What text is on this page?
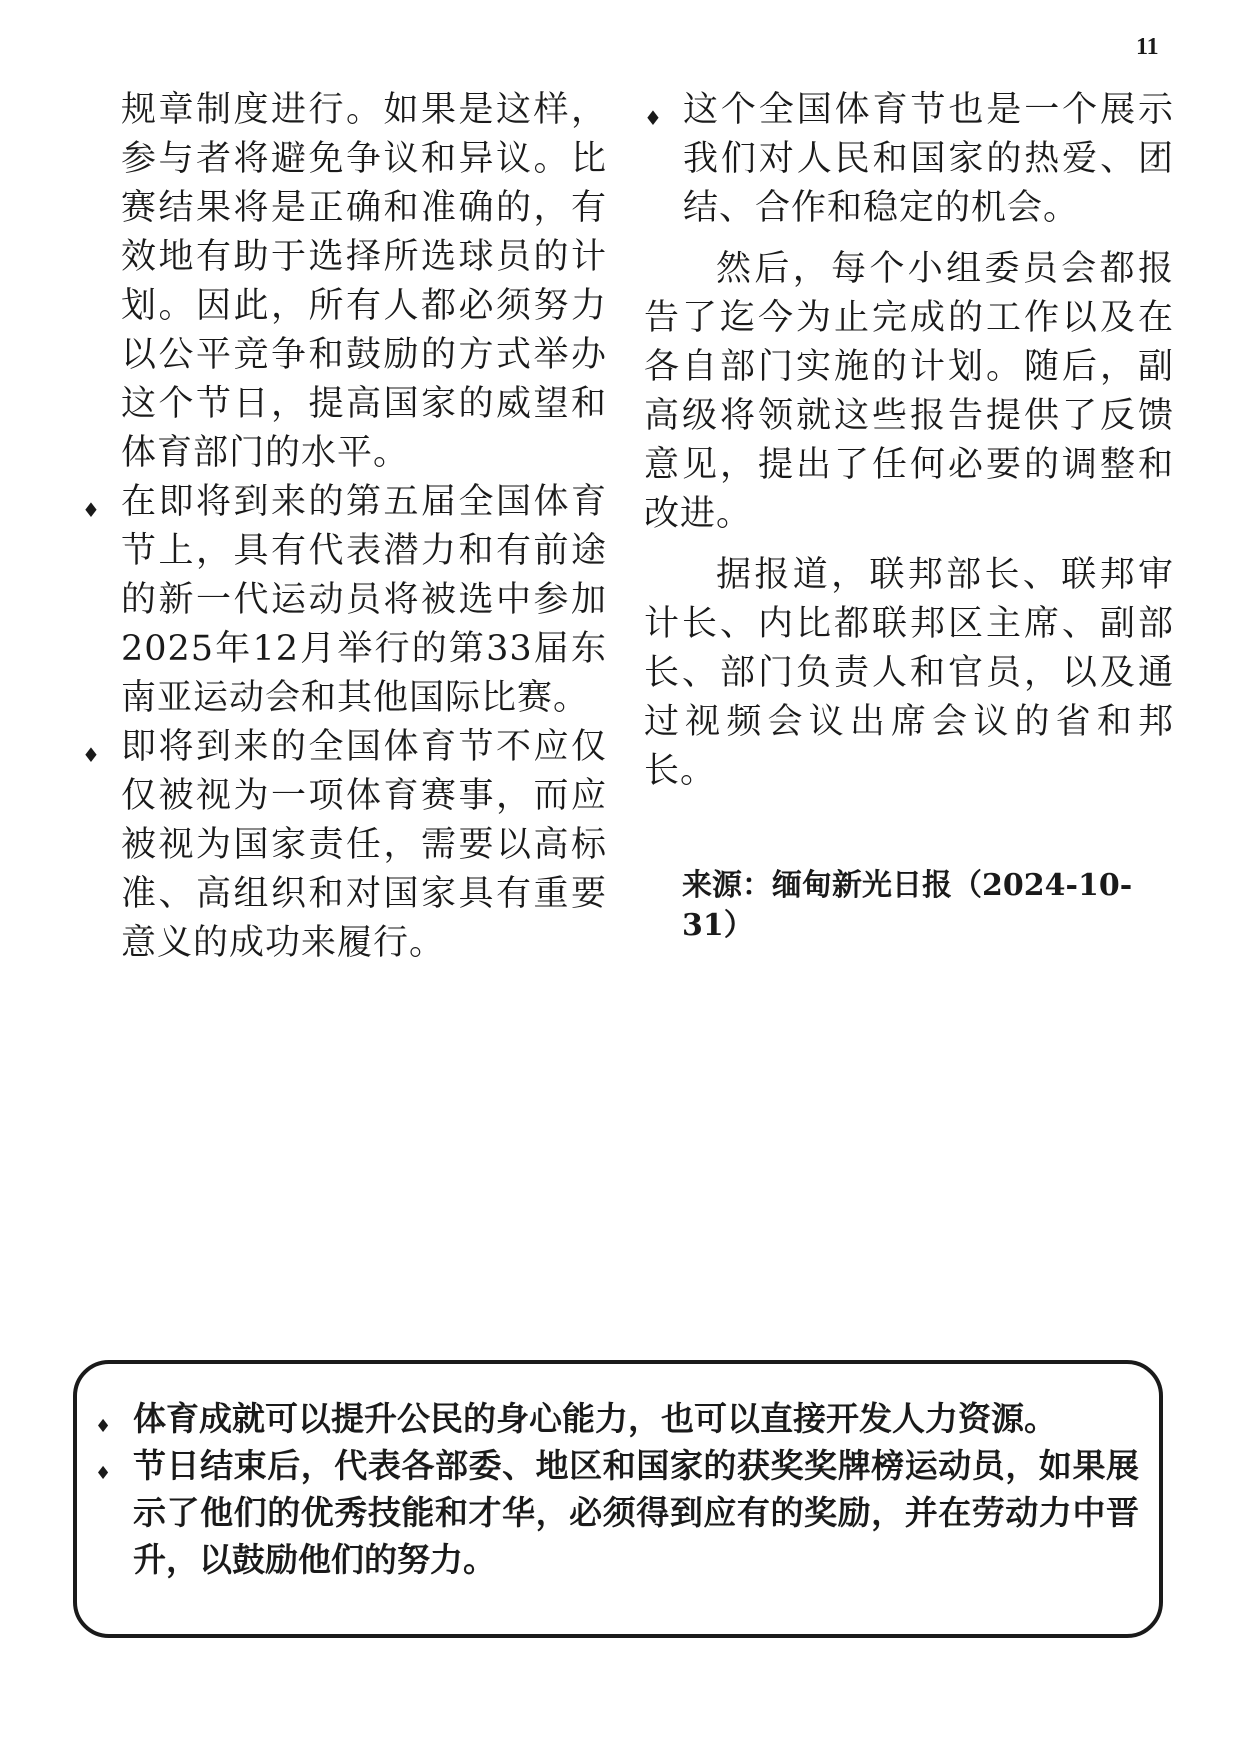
11

规章制度进行。如果是这样，参与者将避免争议和异议。比赛结果将是正确和准确的，有效地有助于选择所选球员的计划。因此，所有人都必须努力以公平竞争和鼓励的方式举办这个节日，提高国家的威望和体育部门的水平。

♦ 在即将到来的第五届全国体育节上，具有代表潜力和有前途的新一代运动员将被选中参加2025年12月举行的第33届东南亚运动会和其他国际比赛。
♦ 即将到来的全国体育节不应仅仅被视为一项体育赛事，而应被视为国家责任，需要以高标准、高组织和对国家具有重要意义的成功来履行。
♦ 这个全国体育节也是一个展示我们对人民和国家的热爱、团结、合作和稳定的机会。

然后，每个小组委员会都报告了迄今为止完成的工作以及在各自部门实施的计划。随后，副高级将领就这些报告提供了反馈意见，提出了任何必要的调整和改进。

据报道，联邦部长、联邦审计长、内比都联邦区主席、副部长、部门负责人和官员，以及通过视频会议出席会议的省和邦长。

来源：缅甸新光日报（2024-10-31）
♦ 体育成就可以提升公民的身心能力，也可以直接开发人力资源。
♦ 节日结束后，代表各部委、地区和国家的获奖奖牌榜运动员，如果展示了他们的优秀技能和才华，必须得到应有的奖励，并在劳动力中晋升，以鼓励他们的努力。
